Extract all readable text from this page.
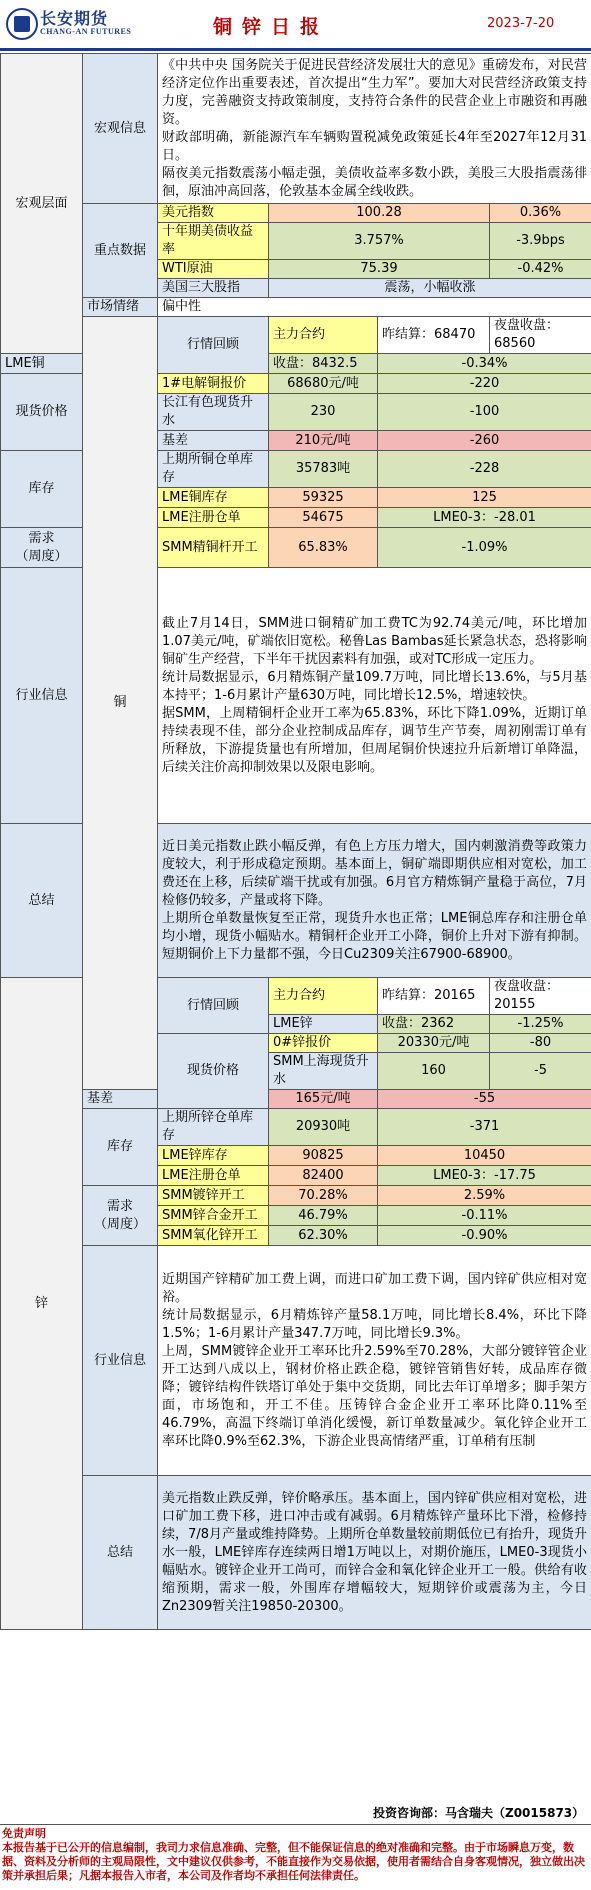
长安期货
CHANG-AN FUTURES	铜锌日报	2023-7-20
宏观层面	宏观信息	《中共中央 国务院关于促进民营经济发展壮大的意见》重磅发布，对民营经济定位作出重要表述，首次提出“生力军”。要加大对民营经济政策支持力度，完善融资支持政策制度，支持符合条件的民营企业上市融资和再融资。

财政部明确，新能源汽车车辆购置税减免政策延长4年至2027年12月31日。

隔夜美元指数震荡小幅走强，美债收益率多数小跌，美股三大股指震荡徘徊，原油冲高回落，伦敦基本金属全线收跌。			

	重点数据	美元指数	100.28		0.36%
		十年期美债收益率	3.757%		-3.9bps
		WTI原油	75.39		-0.42%
		美国三大股指	震荡，小幅收涨		
	市场情绪	偏中性			
	铜	行情回顾	主力合约	昨结算：68470	夜盘收盘：68560
LME铜			收盘：8432.5	-0.34%	
现货价格		1#电解铜报价	68680元/吨	-220	
		长江有色现货升水	230	-100	
		基差	210元/吨	-260	
库存		上期所铜仓单库存	35783吨	-228	
		LME铜库存	59325	125	
		LME注册仓单	54675	LME0-3：-28.01	

需求
（周度）		SMM精铜杆开工	65.83%	-1.09%	
行业信息		截止7月14日，SMM进口铜精矿加工费TC为92.74美元/吨，环比增加1.07美元/吨，矿端依旧宽松。秘鲁Las Bambas延长紧急状态，恐将影响铜矿生产经营，下半年干扰因素料有加强，或对TC形成一定压力。

统计局数据显示，6月精炼铜产量109.7万吨，同比增长13.6%，与5月基本持平；1-6月累计产量630万吨，同比增长12.5%，增速较快。

据SMM，上周精铜杆企业开工率为65.83%，环比下降1.09%，近期订单持续表现不佳，部分企业控制成品库存，调节生产节奏，周初刚需订单有所释放，下游提货量也有所增加，但周尾铜价快速拉升后新增订单降温，后续关注价高抑制效果以及限电影响。			

总结		近日美元指数止跌小幅反弹，有色上方压力增大，国内刺激消费等政策力度较大，利于形成稳定预期。基本面上，铜矿端即期供应相对宽松，加工费还在上移，后续矿端干扰或有加强。6月官方精炼铜产量稳于高位，7月检修仍较多，产量或将下降。

上期所仓单数量恢复至正常，现货升水也正常；LME铜总库存和注册仓单均小增，现货小幅贴水。精铜杆企业开工小降，铜价上升对下游有抑制。短期铜价上下力量都不强，今日Cu2309关注67900-68900。			

锌		行情回顾	主力合约	昨结算：20165	夜盘收盘：20155
			LME锌	收盘：2362	-1.25%
		现货价格	0#锌报价	20330元/吨	-80
			SMM上海现货升水	160	-5
	基差		165元/吨	-55	
	库存	上期所锌仓单库存	20930吨	-371	
		LME锌库存	90825	10450	
		LME注册仓单	82400	LME0-3：-17.75	

	需求
（周度）	SMM镀锌开工	70.28%	2.59%	
		SMM锌合金开工	46.79%	-0.11%	
		SMM氧化锌开工	62.30%	-0.90%	
	行业信息	近期国产锌精矿加工费上调，而进口矿加工费下调，国内锌矿供应相对宽裕。

统计局数据显示，6月精炼锌产量58.1万吨，同比增长8.4%，环比下降1.5%；1-6月累计产量347.7万吨，同比增长9.3%。

上周，SMM镀锌企业开工率环比升2.59%至70.28%，大部分镀锌管企业开工达到八成以上，钢材价格止跌企稳，镀锌管销售好转，成品库存微降；镀锌结构件铁塔订单处于集中交货期，同比去年订单增多；脚手架方面，市场饱和，开工不佳。压铸锌合金企业开工率环比降0.11%至46.79%，高温下终端订单消化缓慢，新订单数量减少。氧化锌企业开工率环比降0.9%至62.3%，下游企业畏高情绪严重，订单稍有压制			

	总结	美元指数止跌反弹，锌价略承压。基本面上，国内锌矿供应相对宽松，进口矿加工费下移，进口冲击或有减弱。6月精炼锌产量环比下滑，检修持续，7/8月产量或维持降势。上期所仓单数量较前期低位已有抬升，现货升水一般，LME锌库存连续两日增1万吨以上，对期价施压，LME0-3现货小幅贴水。镀锌企业开工尚可，而锌合金和氧化锌企业开工一般。供给有收缩预期，需求一般，外围库存增幅较大，短期锌价或震荡为主，今日Zn2309暂关注19850-20300。			

投资咨询部：马含瑞夫（Z0015873）
免责声明
本报告基于已公开的信息编制，我司力求信息准确、完整，但不能保证信息的绝对准确和完整。由于市场瞬息万变，数据、资料及分析师的主观局限性，文中建议仅供参考，不能直接作为交易依据，使用者需结合自身客观情况，独立做出决策并承担后果；凡据本报告入市者，本公司及作者均不承担任何法律责任。
